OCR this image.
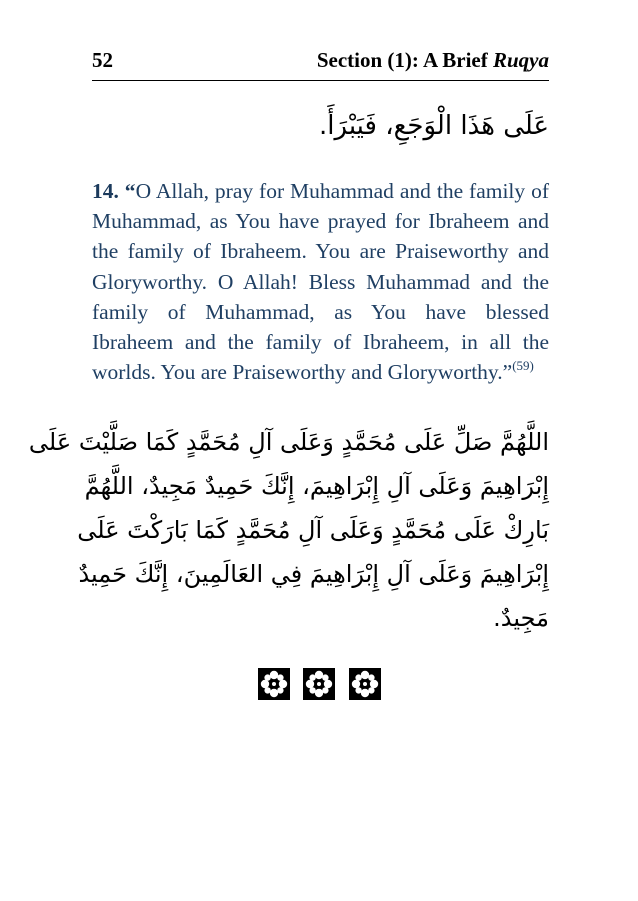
52	Section (1): A Brief Ruqya
عَلَى هَذَا الْوَجَعِ، فَيَبْرَأَ.
14. “O Allah, pray for Muhammad and the family of Muhammad, as You have prayed for Ibraheem and the family of Ibraheem. You are Praiseworthy and Gloryworthy. O Allah! Bless Muhammad and the family of Muhammad, as You have blessed Ibraheem and the family of Ibraheem, in all the worlds. You are Praiseworthy and Gloryworthy.”$^{(59)}$
اللَّهُمَّ صَلِّ عَلَى مُحَمَّدٍ وَعَلَى آلِ مُحَمَّدٍ كَمَا صَلَّيْتَ عَلَى
إِبْرَاهِيمَ وَعَلَى آلِ إِبْرَاهِيمَ، إِنَّكَ حَمِيدٌ مَجِيدٌ، اللَّهُمَّ
بَارِكْ عَلَى مُحَمَّدٍ وَعَلَى آلِ مُحَمَّدٍ كَمَا بَارَكْتَ عَلَى
إِبْرَاهِيمَ وَعَلَى آلِ إِبْرَاهِيمَ فِي العَالَمِينَ، إِنَّكَ حَمِيدٌ
مَجِيدٌ.
